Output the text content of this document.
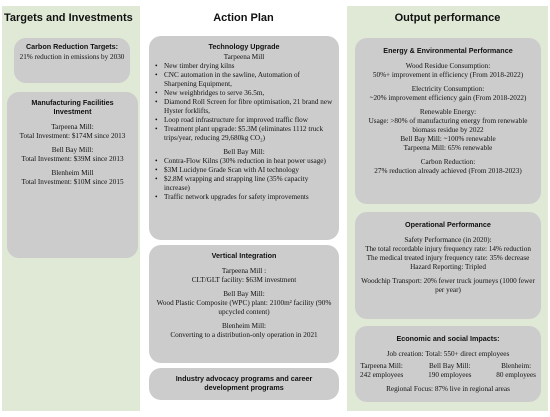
Targets and Investments
Carbon Reduction Targets:
21% reduction in emissions by 2030
Manufacturing Facilities Investment
Tarpeena Mill:
Total Investment: $174M since 2013
Bell Bay Mill:
Total Investment: $39M since 2013
Blenheim Mill
Total Investment: $10M since 2015
Action Plan
Technology Upgrade
Tarpeena Mill
• New timber drying kilns
• CNC automation in the sawline, Automation of Sharpening Equipment,
• New weighbridges to serve 36.5m,
• Diamond Roll Screen for fibre optimisation, 21 brand new Hyster forklifts,
• Loop road infrastructure for improved traffic flow
• Treatment plant upgrade: $5.3M (eliminates 1112 truck trips/year, reducing 29,680kg CO₂)
Bell Bay Mill:
• Contra-Flow Kilns (30% reduction in heat power usage)
• $3M Lucidyne Grade Scan with AI technology
• $2.8M wrapping and strapping line (35% capacity increase)
• Traffic network upgrades for safety improvements
Vertical Integration
Tarpeena Mill :
CLT/GLT facility: $63M investment
Bell Bay Mill:
Wood Plastic Composite (WPC) plant: 2100m² facility (90% upcycled content)
Blenheim Mill:
Converting to a distribution-only operation in 2021
Industry advocacy programs and career development programs
Output performance
Energy & Environmental Performance
Wood Residue Consumption:
50%+ improvement in efficiency (From 2018-2022)
Electricity Consumption:
~20% improvement efficiency gain (From 2018-2022)
Renewable Energy:
Usage: >80% of manufacturing energy from renewable biomass residue by 2022
Bell Bay Mill: ~100% renewable
Tarpeena Mill: 65% renewable
Carbon Reduction:
27% reduction already achieved (From 2018-2023)
Operational Performance
Safety Performance (in 2020):
The total recordable injury frequency rate: 14% reduction
The medical treated injury frequency rate: 35% decrease
Hazard Reporting: Tripled
Woodchip Transport: 20% fewer truck journeys (1000 fewer per year)
Economic and social Impacts:
Job creation: Total: 550+ direct employees
Tarpeena Mill:
242 employees
Bell Bay Mill:
190 employees
Blenheim:
80 employees
Regional Focus: 87% live in regional areas
